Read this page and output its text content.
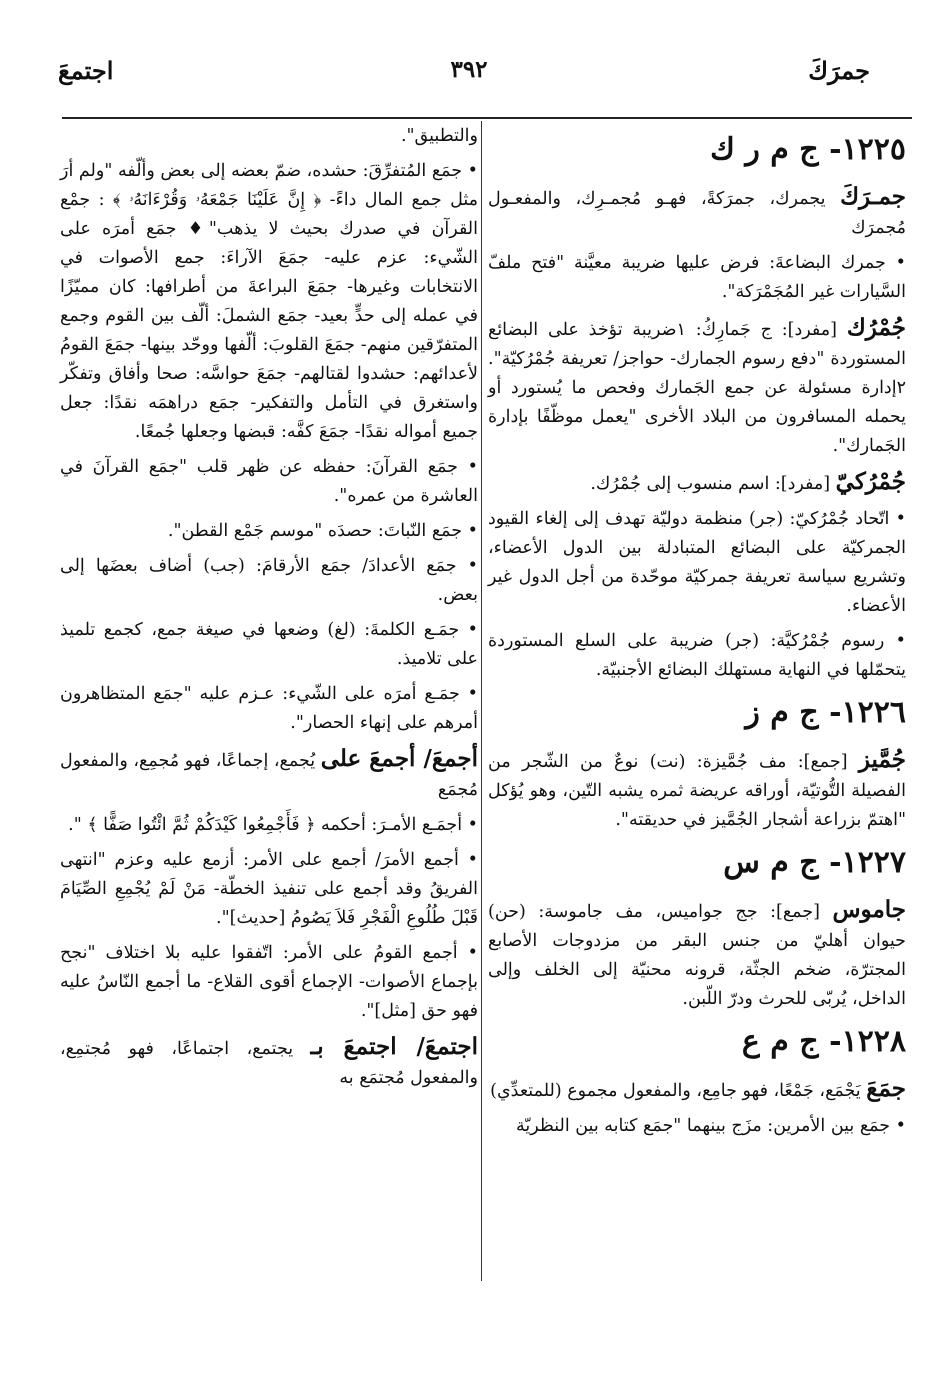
جمرَكَ
٣٩٢
اجتمعَ
١٢٢٥- ج م ر ك

جمـرَكَ يجمرك، جمرَكةً، فهـو مُجمـرِك، والمفعـول مُجمرَك

• جمرك البضاعةَ: فرض عليها ضريبة معيَّنة "فتح ملفّ السَّيارات غير المُجَمْرَكة".

جُمْرُك [مفرد]: ج جَمارِكُ: ١ضريبة تؤخذ على البضائع المستوردة "دفع رسوم الجمارك- حواجز/ تعريفة جُمْرُكيّة". ٢إدارة مسئولة عن جمع الجَمارك وفحص ما يُستورد أو يحمله المسافرون من البلاد الأخرى "يعمل موظّفًا بإدارة الجَمارك".

جُمْرُكيّ [مفرد]: اسم منسوب إلى جُمْرُك.

• اتّحاد جُمْرُكيّ: (جر) منظمة دوليّة تهدف إلى إلغاء القيود الجمركيّة على البضائع المتبادلة بين الدول الأعضاء، وتشريع سياسة تعريفة جمركيّة موحّدة من أجل الدول غير الأعضاء.

• رسوم جُمْرُكيَّة: (جر) ضريبة على السلع المستوردة يتحمّلها في النهاية مستهلك البضائع الأجنبيّة.

١٢٢٦- ج م ز

جُمَّيز [جمع]: مف جُمَّيزة: (نت) نوعٌ من الشّجر من الفصيلة التُّوتيّة، أوراقه عريضة ثمره يشبه التّين، وهو يُؤكل "اهتمّ بزراعة أشجار الجُمَّيز في حديقته".

١٢٢٧- ج م س

جاموس [جمع]: جج جواميس، مف جاموسة: (حن) حيوان أهليّ من جنس البقر من مزدوجات الأصابع المجترّة، ضخم الجثّة، قرونه محنيّة إلى الخلف وإلى الداخل، يُربّى للحرث ودرّ اللّبن.

١٢٢٨- ج م ع

جمَعَ يَجْمَع، جَمْعًا، فهو جامِع، والمفعول مجموع (للمتعدِّي)

• جمَع بين الأمرين: مزَج بينهما "جمَع كتابه بين النظريّة

والتطبيق".

• جمَع المُتفرِّقَ: حشده، ضمّ بعضه إلى بعض وألّفه "ولم أرَ مثل جمع المال داءً- ﴿ إِنَّ عَلَيْنَا جَمْعَهُۥ وَقُرْءَانَهُۥ ﴾ : جمْع القرآن في صدرك بحيث لا يذهب"♦ جمَع أمرَه على الشّيء: عزم عليه- جمَعَ الآراءَ: جمع الأصوات في الانتخابات وغيرها- جمَعَ البراعةَ من أطرافها: كان مميّزًا في عمله إلى حدٍّ بعيد- جمَع الشملَ: ألّف بين القوم وجمع المتفرّقين منهم- جمَعَ القلوبَ: ألّفها ووحّد بينها- جمَعَ القومُ لأعدائهم: حشدوا لقتالهم- جمَعَ حواسَّه: صحا وأفاق وتفكّر واستغرق في التأمل والتفكير- جمَع دراهمَه نقدًا: جعل جميع أمواله نقدًا- جمَعَ كفَّه: قبضها وجعلها جُمعًا.

• جمَع القرآنَ: حفظه عن ظهر قلب "جمَع القرآنَ في العاشرة من عمره".

• جمَع النّباتَ: حصدَه "موسم جَمْع القطن".

• جمَع الأعدادَ/ جمَع الأرقامَ: (جب) أضاف بعضَها إلى بعض.

• جمَـع الكلمةَ: (لغ) وضعها في صيغة جمع، كجمع تلميذ على تلاميذ.

• جمَـع أمرَه على الشّيء: عـزم عليه "جمَع المتظاهرون أمرهم على إنهاء الحصار".

أجمعَ/ أجمعَ على يُجمع، إجماعًا، فهو مُجمِع، والمفعول مُجمَع

• أجمَـع الأمـرَ: أحكمه ﴿ فَأَجْمِعُوا كَيْدَكُمْ ثُمَّ ائْتُوا صَفًّا ﴾ ".

• أجمع الأمرَ/ أجمع على الأمر: أزمع عليه وعزم "انتهى الفريقُ وقد أجمع على تنفيذ الخطّة- مَنْ لَمْ يُجْمِعِ الصِّيَامَ قَبْلَ طُلُوعِ الْفَجْرِ فَلاَ يَصُومُ [حديث]".

• أجمع القومُ على الأمر: اتّفقوا عليه بلا اختلاف "نجح بإجماع الأصوات- الإجماع أقوى القلاع- ما أجمع النّاسُ عليه فهو حق [مثل]".

اجتمعَ/ اجتمعَ بـ يجتمع، اجتماعًا، فهو مُجتمِع، والمفعول مُجتمَع به
